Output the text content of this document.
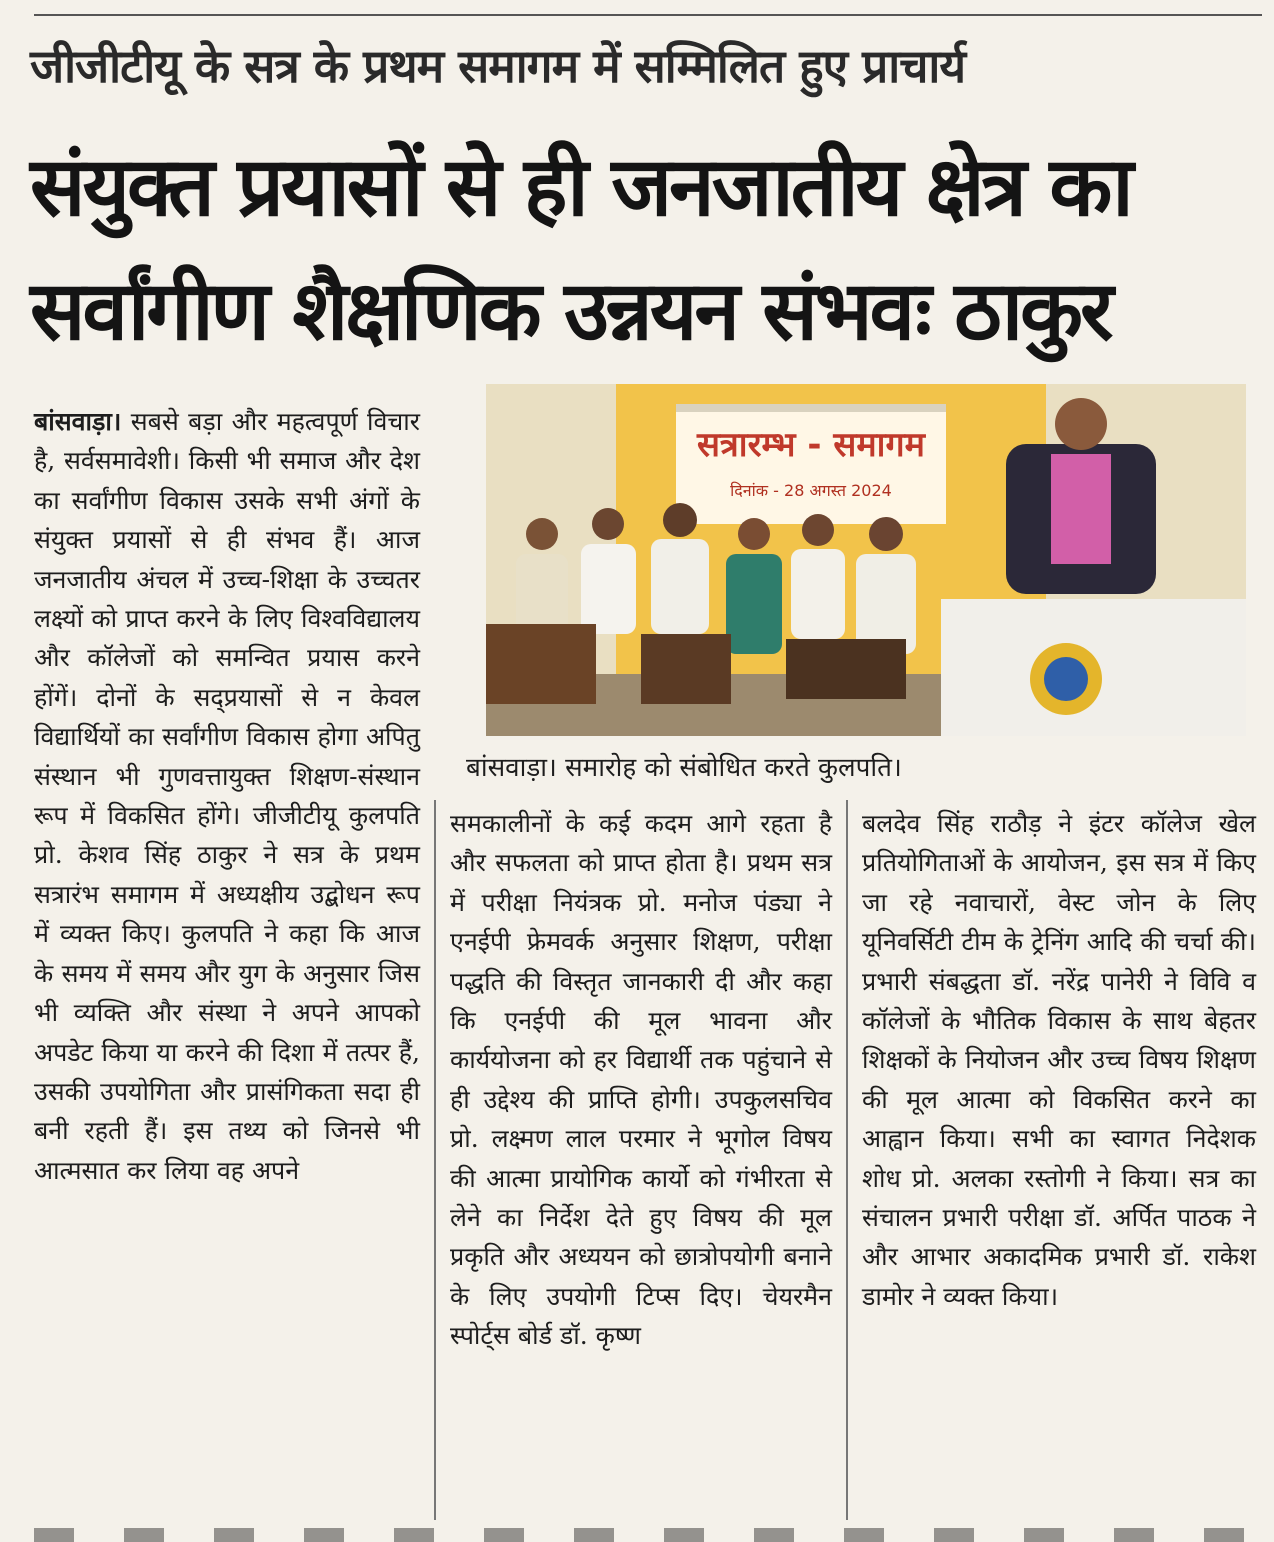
जीजीटीयू के सत्र के प्रथम समागम में सम्मिलित हुए प्राचार्य
संयुक्त प्रयासों से ही जनजातीय क्षेत्र का
सर्वांगीण शैक्षणिक उन्नयन संभवः ठाकुर
बांसवाड़ा। सबसे बड़ा और महत्वपूर्ण विचार है, सर्वसमावेशी। किसी भी समाज और देश का सर्वांगीण विकास उसके सभी अंगों के संयुक्त प्रयासों से ही संभव हैं। आज जनजातीय अंचल में उच्च-शिक्षा के उच्चतर लक्ष्यों को प्राप्त करने के लिए विश्वविद्यालय और कॉलेजों को समन्वित प्रयास करने होंगें। दोनों के सद्प्रयासों से न केवल विद्यार्थियों का सर्वांगीण विकास होगा अपितु संस्थान भी गुणवत्तायुक्त शिक्षण-संस्थान रूप में विकसित होंगे। जीजीटीयू कुलपति प्रो. केशव सिंह ठाकुर ने सत्र के प्रथम सत्रारंभ समागम में अध्यक्षीय उद्बोधन रूप में व्यक्त किए। कुलपति ने कहा कि आज के समय में समय और युग के अनुसार जिस भी व्यक्ति और संस्था ने अपने आपको अपडेट किया या करने की दिशा में तत्पर हैं, उसकी उपयोगिता और प्रासंगिकता सदा ही बनी रहती हैं। इस तथ्य को जिनसे भी आत्मसात कर लिया वह अपने
सत्रारम्भ - समागम
दिनांक - 28 अगस्त 2024
बांसवाड़ा। समारोह को संबोधित करते कुलपति।
समकालीनों के कई कदम आगे रहता है और सफलता को प्राप्त होता है। प्रथम सत्र में परीक्षा नियंत्रक प्रो. मनोज पंड्या ने एनईपी फ्रेमवर्क अनुसार शिक्षण, परीक्षा पद्धति की विस्तृत जानकारी दी और कहा कि एनईपी की मूल भावना और कार्ययोजना को हर विद्यार्थी तक पहुंचाने से ही उद्देश्य की प्राप्ति होगी। उपकुलसचिव प्रो. लक्ष्मण लाल परमार ने भूगोल विषय की आत्मा प्रायोगिक कार्यो को गंभीरता से लेने का निर्देश देते हुए विषय की मूल प्रकृति और अध्ययन को छात्रोपयोगी बनाने के लिए उपयोगी टिप्स दिए। चेयरमैन स्पोर्ट्स बोर्ड डॉ. कृष्ण
बलदेव सिंह राठौड़ ने इंटर कॉलेज खेल प्रतियोगिताओं के आयोजन, इस सत्र में किए जा रहे नवाचारों, वेस्ट जोन के लिए यूनिवर्सिटी टीम के ट्रेनिंग आदि की चर्चा की। प्रभारी संबद्धता डॉ. नरेंद्र पानेरी ने विवि व कॉलेजों के भौतिक विकास के साथ बेहतर शिक्षकों के नियोजन और उच्च विषय शिक्षण की मूल आत्मा को विकसित करने का आह्वान किया। सभी का स्वागत निदेशक शोध प्रो. अलका रस्तोगी ने किया। सत्र का संचालन प्रभारी परीक्षा डॉ. अर्पित पाठक ने और आभार अकादमिक प्रभारी डॉ. राकेश डामोर ने व्यक्त किया।
